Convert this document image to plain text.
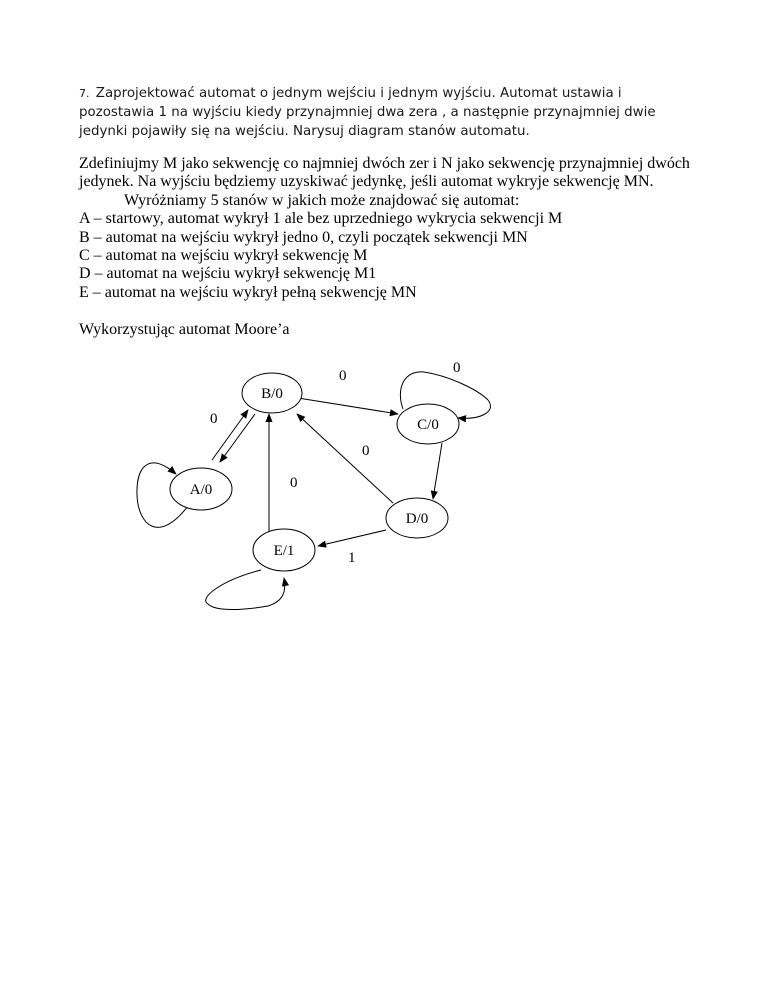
7. Zaprojektować automat o jednym wejściu i jednym wyjściu. Automat ustawia i pozostawia 1 na wyjściu kiedy przynajmniej dwa zera , a następnie przynajmniej dwie jedynki pojawiły się na wejściu. Narysuj diagram stanów automatu.

Zdefiniujmy M jako sekwencję co najmniej dwóch zer i N jako sekwencję przynajmniej dwóch jedynek. Na wyjściu będziemy uzyskiwać jedynkę, jeśli automat wykryje sekwencję MN.

Wyróżniamy 5 stanów w jakich może znajdować się automat:

A – startowy, automat wykrył 1 ale bez uprzedniego wykrycia sekwencji M

B – automat na wejściu wykrył jedno 0, czyli początek sekwencji MN

C – automat na wejściu wykrył sekwencję M

D – automat na wejściu wykrył sekwencję M1

E – automat na wejściu wykrył pełną sekwencję MN

Wykorzystując automat Moore’a
B/0
C/0
A/0
D/0
E/1
0
0	0
0
0
1
